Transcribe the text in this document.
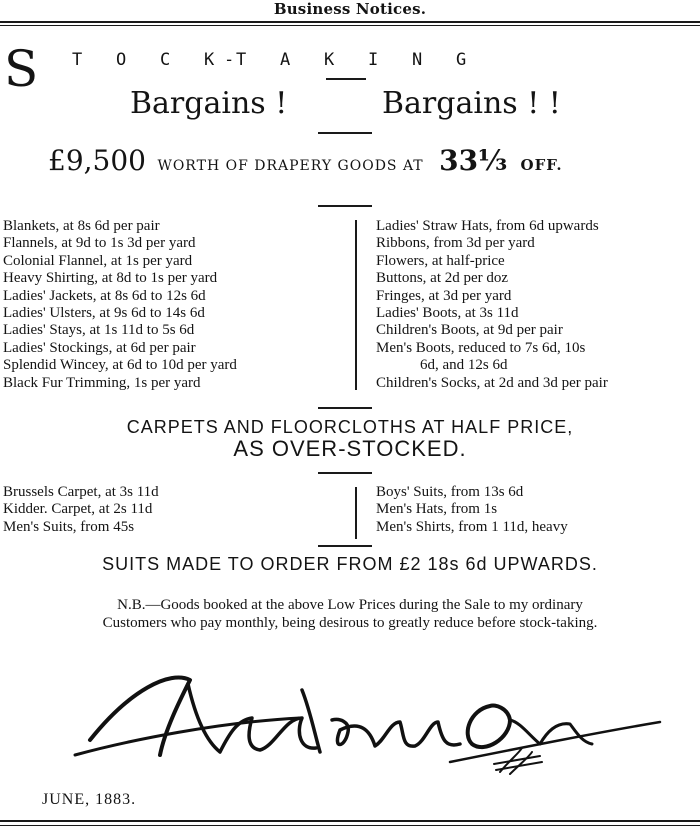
Business Notices.
S T O C K - T A K I N G
Bargains !	Bargains ! !
£9,500 WORTH OF DRAPERY GOODS AT 33⅓ OFF.
Blankets, at 8s 6d per pair
Flannels, at 9d to 1s 3d per yard
Colonial Flannel, at 1s per yard
Heavy Shirting, at 8d to 1s per yard
Ladies' Jackets, at 8s 6d to 12s 6d
Ladies' Ulsters, at 9s 6d to 14s 6d
Ladies' Stays, at 1s 11d to 5s 6d
Ladies' Stockings, at 6d per pair
Splendid Wincey, at 6d to 10d per yard
Black Fur Trimming, 1s per yard
Ladies' Straw Hats, from 6d upwards
Ribbons, from 3d per yard
Flowers, at half-price
Buttons, at 2d per doz
Fringes, at 3d per yard
Ladies' Boots, at 3s 11d
Children's Boots, at 9d per pair
Men's Boots, reduced to 7s 6d, 10s
6d, and 12s 6d
Children's Socks, at 2d and 3d per pair
CARPETS AND FLOORCLOTHS AT HALF PRICE,
AS OVER-STOCKED.
Brussels Carpet, at 3s 11d
Kidder. Carpet, at 2s 11d
Men's Suits, from 45s
Boys' Suits, from 13s 6d
Men's Hats, from 1s
Men's Shirts, from 1 11d, heavy
SUITS MADE TO ORDER FROM £2 18s 6d UPWARDS.
N.B.—Goods booked at the above Low Prices during the Sale to my ordinary
Customers who pay monthly, being desirous to greatly reduce before stock-taking.
JUNE, 1883.
